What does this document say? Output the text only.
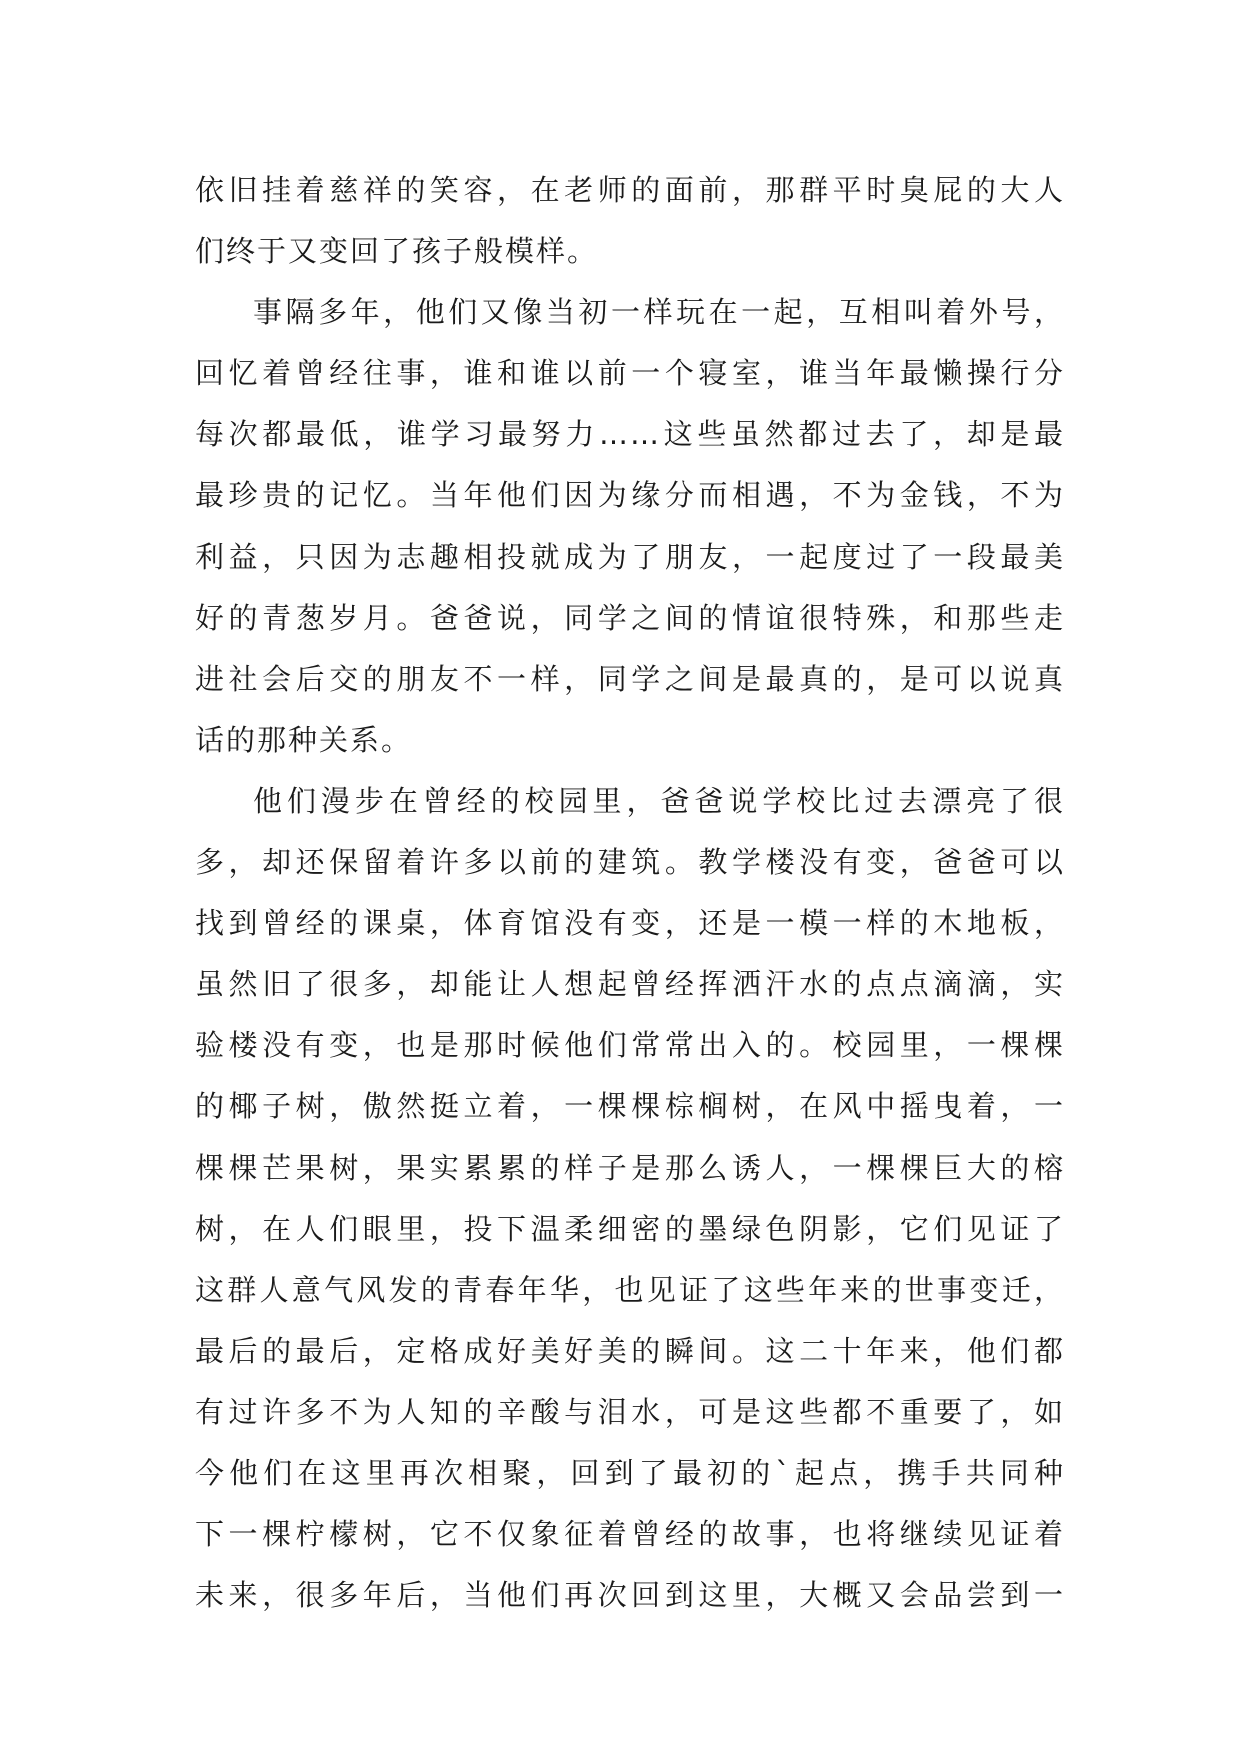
依旧挂着慈祥的笑容，在老师的面前，那群平时臭屁的大人
们终于又变回了孩子般模样。
事隔多年，他们又像当初一样玩在一起，互相叫着外号，
回忆着曾经往事，谁和谁以前一个寝室，谁当年最懒操行分
每次都最低，谁学习最努力……这些虽然都过去了，却是最
最珍贵的记忆。当年他们因为缘分而相遇，不为金钱，不为
利益，只因为志趣相投就成为了朋友，一起度过了一段最美
好的青葱岁月。爸爸说，同学之间的情谊很特殊，和那些走
进社会后交的朋友不一样，同学之间是最真的，是可以说真
话的那种关系。
他们漫步在曾经的校园里，爸爸说学校比过去漂亮了很
多，却还保留着许多以前的建筑。教学楼没有变，爸爸可以
找到曾经的课桌，体育馆没有变，还是一模一样的木地板，
虽然旧了很多，却能让人想起曾经挥洒汗水的点点滴滴，实
验楼没有变，也是那时候他们常常出入的。校园里，一棵棵
的椰子树，傲然挺立着，一棵棵棕榈树，在风中摇曳着，一
棵棵芒果树，果实累累的样子是那么诱人，一棵棵巨大的榕
树，在人们眼里，投下温柔细密的墨绿色阴影，它们见证了
这群人意气风发的青春年华，也见证了这些年来的世事变迁，
最后的最后，定格成好美好美的瞬间。这二十年来，他们都
有过许多不为人知的辛酸与泪水，可是这些都不重要了，如
今他们在这里再次相聚，回到了最初的`起点，携手共同种
下一棵柠檬树，它不仅象征着曾经的故事，也将继续见证着
未来，很多年后，当他们再次回到这里，大概又会品尝到一
